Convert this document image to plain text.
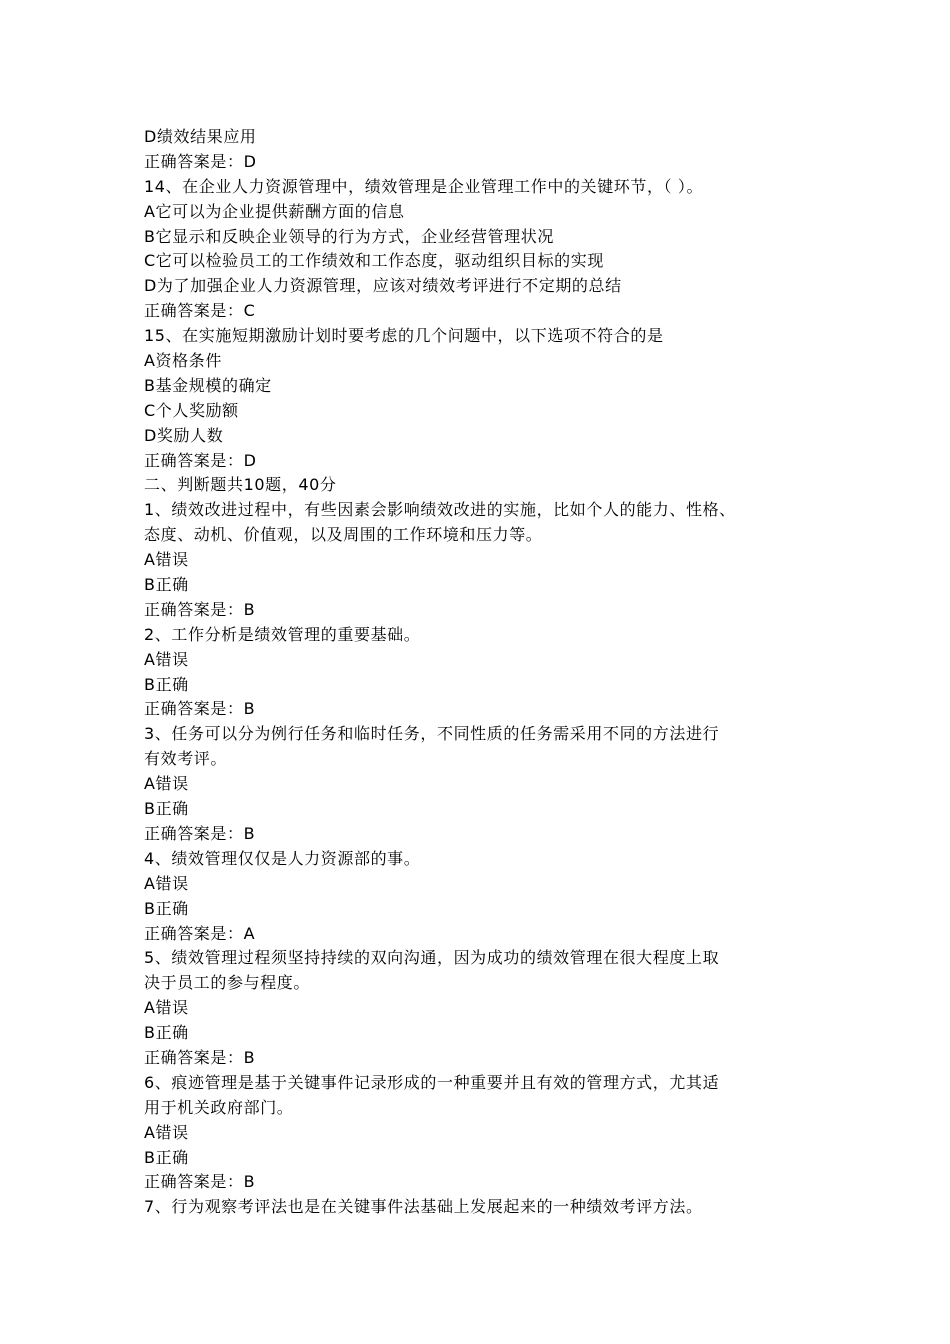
D绩效结果应用
正确答案是：D
14、在企业人力资源管理中，绩效管理是企业管理工作中的关键环节，（ ）。
A它可以为企业提供薪酬方面的信息
B它显示和反映企业领导的行为方式，企业经营管理状况
C它可以检验员工的工作绩效和工作态度，驱动组织目标的实现
D为了加强企业人力资源管理，应该对绩效考评进行不定期的总结
正确答案是：C
15、在实施短期激励计划时要考虑的几个问题中，以下选项不符合的是
A资格条件
B基金规模的确定
C个人奖励额
D奖励人数
正确答案是：D
二、判断题共10题，40分
1、绩效改进过程中，有些因素会影响绩效改进的实施，比如个人的能力、性格、
态度、动机、价值观，以及周围的工作环境和压力等。
A错误
B正确
正确答案是：B
2、工作分析是绩效管理的重要基础。
A错误
B正确
正确答案是：B
3、任务可以分为例行任务和临时任务，不同性质的任务需采用不同的方法进行
有效考评。
A错误
B正确
正确答案是：B
4、绩效管理仅仅是人力资源部的事。
A错误
B正确
正确答案是：A
5、绩效管理过程须坚持持续的双向沟通，因为成功的绩效管理在很大程度上取
决于员工的参与程度。
A错误
B正确
正确答案是：B
6、痕迹管理是基于关键事件记录形成的一种重要并且有效的管理方式，尤其适
用于机关政府部门。
A错误
B正确
正确答案是：B
7、行为观察考评法也是在关键事件法基础上发展起来的一种绩效考评方法。
